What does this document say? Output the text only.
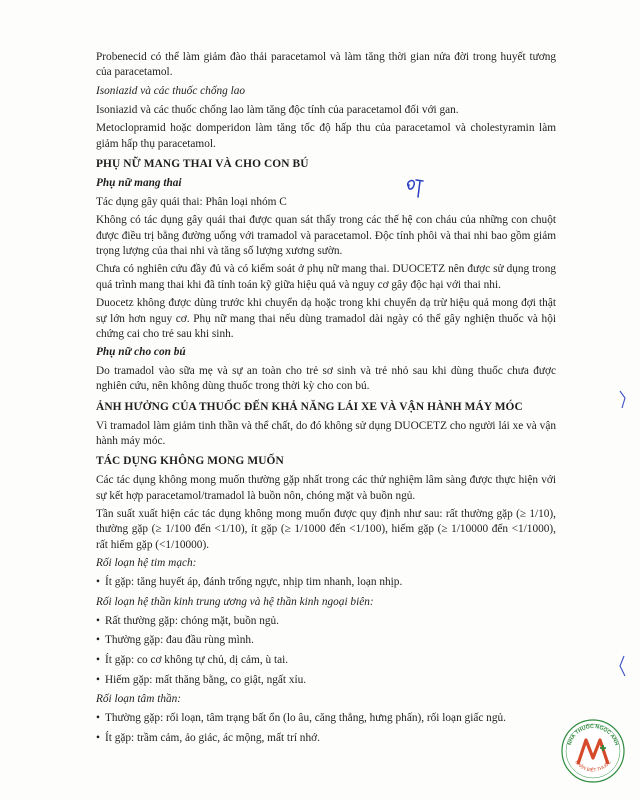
Probenecid có thể làm giảm đào thải paracetamol và làm tăng thời gian nửa đời trong huyết tương của paracetamol.

Isoniazid và các thuốc chống lao

Isoniazid và các thuốc chống lao làm tăng độc tính của paracetamol đối với gan.

Metoclopramid hoặc domperidon làm tăng tốc độ hấp thu của paracetamol và cholestyramin làm giảm hấp thụ paracetamol.

PHỤ NỮ MANG THAI VÀ CHO CON BÚ

Phụ nữ mang thai

Tác dụng gây quái thai: Phân loại nhóm C

Không có tác dụng gây quái thai được quan sát thấy trong các thế hệ con cháu của những con chuột được điều trị bằng đường uống với tramadol và paracetamol. Độc tính phôi và thai nhi bao gồm giảm trọng lượng của thai nhi và tăng số lượng xương sườn.

Chưa có nghiên cứu đầy đủ và có kiểm soát ở phụ nữ mang thai. DUOCETZ nên được sử dụng trong quá trình mang thai khi đã tính toán kỹ giữa hiệu quả và nguy cơ gây độc hại với thai nhi.

Duocetz không được dùng trước khi chuyển dạ hoặc trong khi chuyển dạ trừ hiệu quả mong đợi thật sự lớn hơn nguy cơ. Phụ nữ mang thai nếu dùng tramadol dài ngày có thể gây nghiện thuốc và hội chứng cai cho trẻ sau khi sinh.

Phụ nữ cho con bú

Do tramadol vào sữa mẹ và sự an toàn cho trẻ sơ sinh và trẻ nhỏ sau khi dùng thuốc chưa được nghiên cứu, nên không dùng thuốc trong thời kỳ cho con bú.

ẢNH HƯỞNG CỦA THUỐC ĐẾN KHẢ NĂNG LÁI XE VÀ VẬN HÀNH MÁY MÓC

Vì tramadol làm giảm tinh thần và thể chất, do đó không sử dụng DUOCETZ cho người lái xe và vận hành máy móc.

TÁC DỤNG KHÔNG MONG MUỐN

Các tác dụng không mong muốn thường gặp nhất trong các thử nghiệm lâm sàng được thực hiện với sự kết hợp paracetamol/tramadol là buồn nôn, chóng mặt và buồn ngủ.

Tần suất xuất hiện các tác dụng không mong muốn được quy định như sau: rất thường gặp (≥ 1/10), thường gặp (≥ 1/100 đến <1/10), ít gặp (≥ 1/1000 đến <1/100), hiếm gặp (≥ 1/10000 đến <1/1000), rất hiếm gặp (<1/10000).

Rối loạn hệ tim mạch:

• Ít gặp: tăng huyết áp, đánh trống ngực, nhịp tim nhanh, loạn nhịp.

Rối loạn hệ thần kinh trung ương và hệ thần kinh ngoại biên:

• Rất thường gặp: chóng mặt, buồn ngủ.
• Thường gặp: đau đầu rùng mình.
• Ít gặp: co cơ không tự chủ, dị cảm, ù tai.
• Hiếm gặp: mất thăng bằng, co giật, ngất xỉu.

Rối loạn tâm thần:

• Thường gặp: rối loạn, tâm trạng bất ổn (lo âu, căng thẳng, hưng phấn), rối loạn giấc ngủ.
• Ít gặp: trầm cảm, ảo giác, ác mộng, mất trí nhớ.	NHÀ THUỐC NGỌC ANH
NHẬN BIẾT THUỐC
